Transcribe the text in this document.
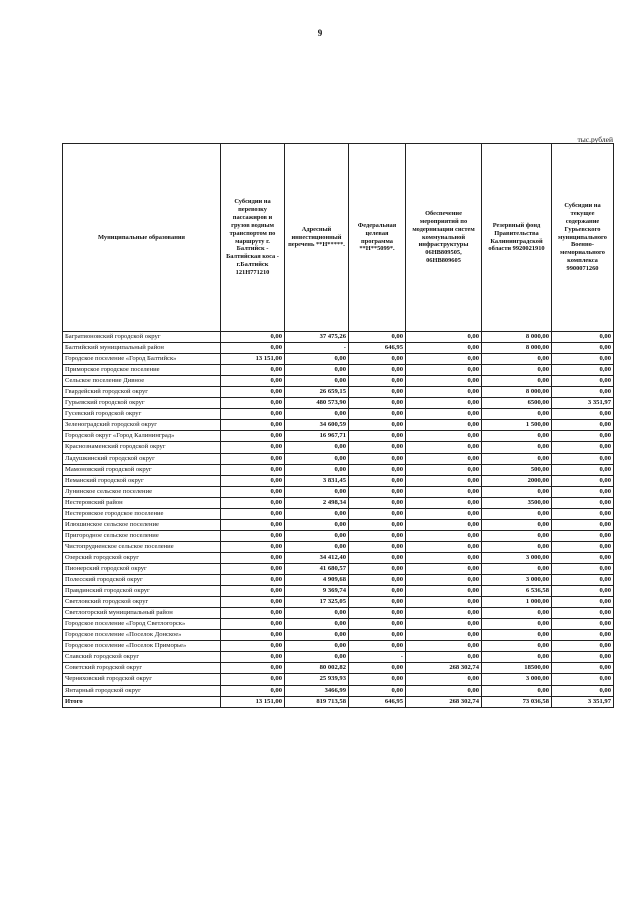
9
тыс.рублей
Муниципальные образования	Субсидии на перевозку пассажиров и грузов водным транспортом по маршруту г. Балтийск - Балтийская коса - г.Балтийск 121Н771210	Адресный инвестиционный перечень **Н*****.	Федеральная целевая программа **Н**5099*.	Обеспечение мероприятий по модернизации систем коммунальной инфраструктуры 06НВ809505, 06НВ809605	Резервный фонд Правительства Калининградской области 9920021910	Субсидии на текущее содержание Гурьевского муниципального Военно-мемориального комплекса 9900071260
Багратионовский городской округ	0,00	37 475,26	0,00	0,00	8 000,00	0,00
Балтийский муниципальный район	0,00	-	646,95	0,00	8 000,00	0,00
Городское поселение «Город Балтийск»	13 151,00	0,00	0,00	0,00	0,00	0,00
Приморское городское поселение	0,00	0,00	0,00	0,00	0,00	0,00
Сельское поселение Дивное	0,00	0,00	0,00	0,00	0,00	0,00
Гвардейский городской округ	0,00	26 659,15	0,00	0,00	8 000,00	0,00
Гурьевский городской округ	0,00	480 573,90	0,00	0,00	6500,00	3 351,97
Гусевский городской округ	0,00	0,00	0,00	0,00	0,00	0,00
Зеленоградский городской округ	0,00	34 600,59	0,00	0,00	1 500,00	0,00
Городской округ «Город Калининград»	0,00	16 967,71	0,00	0,00	0,00	0,00
Краснознаменский городской округ	0,00	0,00	0,00	0,00	0,00	0,00
Ладушкинский городской округ	0,00	0,00	0,00	0,00	0,00	0,00
Мамоновский городской округ	0,00	0,00	0,00	0,00	500,00	0,00
Неманский городской округ	0,00	3 831,45	0,00	0,00	2000,00	0,00
Лунинское сельское поселение	0,00	0,00	0,00	0,00	0,00	0,00
Нестеровский район	0,00	2 498,34	0,00	0,00	3500,00	0,00
Нестеровское городское поселение	0,00	0,00	0,00	0,00	0,00	0,00
Илюшинское сельское поселение	0,00	0,00	0,00	0,00	0,00	0,00
Пригородное сельское поселение	0,00	0,00	0,00	0,00	0,00	0,00
Чистопрудненское сельское поселение	0,00	0,00	0,00	0,00	0,00	0,00
Озерский городской округ	0,00	34 412,40	0,00	0,00	3 000,00	0,00
Пионерский городской округ	0,00	41 680,57	0,00	0,00	0,00	0,00
Полесский городской округ	0,00	4 909,68	0,00	0,00	3 000,00	0,00
Правдинский городской округ	0,00	9 369,74	0,00	0,00	6 536,58	0,00
Светловский городской округ	0,00	17 325,05	0,00	0,00	1 000,00	0,00
Светлогорский муниципальный район	0,00	0,00	0,00	0,00	0,00	0,00
Городское поселение «Город Светлогорск»	0,00	0,00	0,00	0,00	0,00	0,00
Городское поселение «Поселок Донское»	0,00	0,00	0,00	0,00	0,00	0,00
Городское поселение «Поселок Приморье»	0,00	0,00	0,00	0,00	0,00	0,00
Славский городской округ	0,00	0,00	-	0,00	0,00	0,00
Советский городской округ	0,00	80 002,82	0,00	268 302,74	18500,00	0,00
Черняховский городской округ	0,00	25 939,93	0,00	0,00	3 000,00	0,00
Янтарный городской округ	0,00	3466,99	0,00	0,00	0,00	0,00
Итого	13 151,00	819 713,58	646,95	268 302,74	73 036,58	3 351,97
